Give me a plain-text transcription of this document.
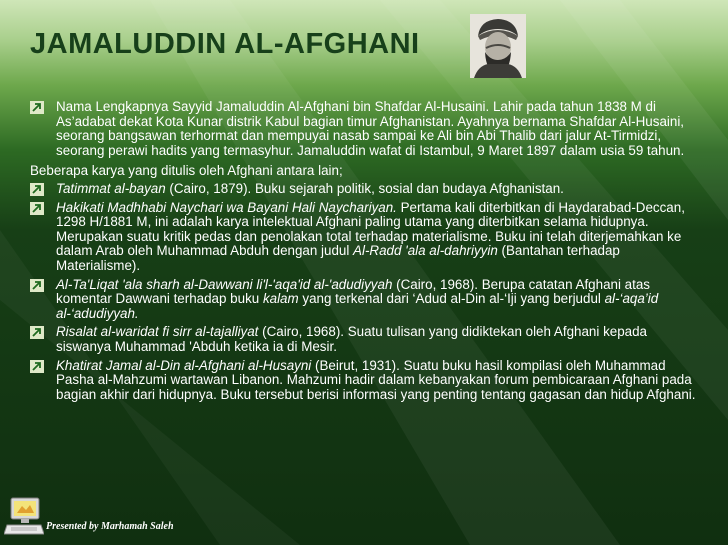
JAMALUDDIN AL-AFGHANI
Nama Lengkapnya Sayyid Jamaluddin Al-Afghani bin Shafdar Al-Husaini. Lahir pada tahun 1838 M di As’adabat dekat Kota Kunar distrik Kabul bagian timur Afghanistan. Ayahnya bernama Shafdar Al-Husaini, seorang bangsawan terhormat dan mempuyai nasab sampai ke Ali bin Abi Thalib dari jalur At-Tirmidzi, seorang perawi hadits yang termasyhur. Jamaluddin wafat di Istambul, 9 Maret 1897 dalam usia 59 tahun.
Beberapa karya yang ditulis oleh Afghani antara lain;
Tatimmat al-bayan (Cairo, 1879). Buku sejarah politik, sosial dan budaya Afghanistan.
Hakikati Madhhabi Naychari wa Bayani Hali Naychariyan. Pertama kali diterbitkan di Haydarabad-Deccan, 1298 H/1881 M, ini adalah karya intelektual Afghani paling utama yang diterbitkan selama hidupnya. Merupakan suatu kritik pedas dan penolakan total terhadap materialisme. Buku ini telah diterjemahkan ke dalam Arab oleh Muhammad Abduh dengan judul Al-Radd 'ala al-dahriyyin (Bantahan terhadap Materialisme).
Al-Ta'Liqat 'ala sharh al-Dawwani li'l-'aqa'id al-'adudiyyah (Cairo, 1968). Berupa catatan Afghani atas komentar Dawwani terhadap buku kalam yang terkenal dari ‘Adud al-Din al-‘Iji yang berjudul al-‘aqa’id al-‘adudiyyah.
Risalat al-waridat fi sirr al-tajalliyat (Cairo, 1968). Suatu tulisan yang didiktekan oleh Afghani kepada siswanya Muhammad 'Abduh ketika ia di Mesir.
Khatirat Jamal al-Din al-Afghani al-Husayni (Beirut, 1931). Suatu buku hasil kompilasi oleh Muhammad Pasha al-Mahzumi wartawan Libanon. Mahzumi hadir dalam kebanyakan forum pembicaraan Afghani pada bagian akhir dari hidupnya. Buku tersebut berisi informasi yang penting tentang gagasan dan hidup Afghani.
Presented by Marhamah Saleh
